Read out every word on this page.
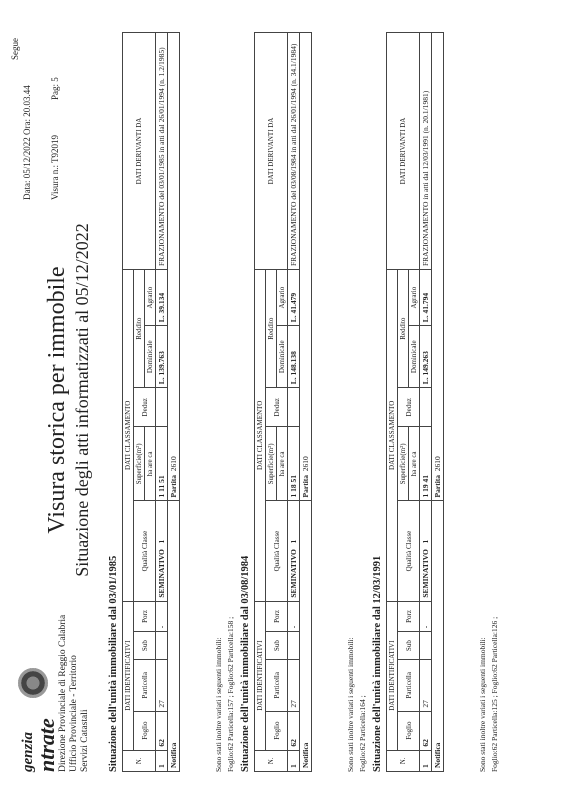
genzia
ntrate Direzione Provinciale di Reggio Calabria Ufficio Provinciale - Territorio Servizi Catastali
Data: 05/12/2022 Ora: 20.03.44
Segue
Visura n.: T92019
Pag: 5
Visura storica per immobile Situazione degli atti informatizzati al 05/12/2022
Situazione dell'unità immobiliare dal 03/01/1985 N.	DATI IDENTIFICATIVI				DATI CLASSAMENTO					DATI DERIVANTI DA
	Foglio	Particella	Sub	Porz	Qualità Classe	Superficie(m²)	Deduz	Reddito		
						ha are ca		Dominicale	Agrario	
1	62	27		-	SEMINATIVO   1	1 11 51		L. 139.763	L. 39.134	FRAZIONAMENTO del 03/01/1985 in atti dal 26/01/1994 (n. 1.2/1985)
Notifica						Partita  2610				
Sono stati inoltre variati i seguenti immobili: Foglio:62 Particella:157 ; Foglio:62 Particella:158 ; Situazione dell'unità immobiliare dal 03/08/1984 N.	DATI IDENTIFICATIVI				DATI CLASSAMENTO					DATI DERIVANTI DA
	Foglio	Particella	Sub	Porz	Qualità Classe	Superficie(m²)	Deduz	Reddito		
						ha are ca		Dominicale	Agrario	
1	62	27		-	SEMINATIVO   1	1 18 51		L. 148.138	L. 41.479	FRAZIONAMENTO del 03/08/1984 in atti dal 26/01/1994 (n. 34.1/1984)
Notifica						Partita  2610				
Sono stati inoltre variati i seguenti immobili: Foglio:62 Particella:164 ; Situazione dell'unità immobiliare dal 12/03/1991 N.	DATI IDENTIFICATIVI				DATI CLASSAMENTO					DATI DERIVANTI DA
	Foglio	Particella	Sub	Porz	Qualità Classe	Superficie(m²)	Deduz	Reddito		
						ha are ca		Dominicale	Agrario	
1	62	27		-	SEMINATIVO   1	1 19 41		L. 149.263	L. 41.794	FRAZIONAMENTO in atti dal 12/03/1991 (n. 20.1/1981)
Notifica						Partita  2610				
Sono stati inoltre variati i seguenti immobili: Foglio:62 Particella:125 ; Foglio:62 Particella:126 ;
